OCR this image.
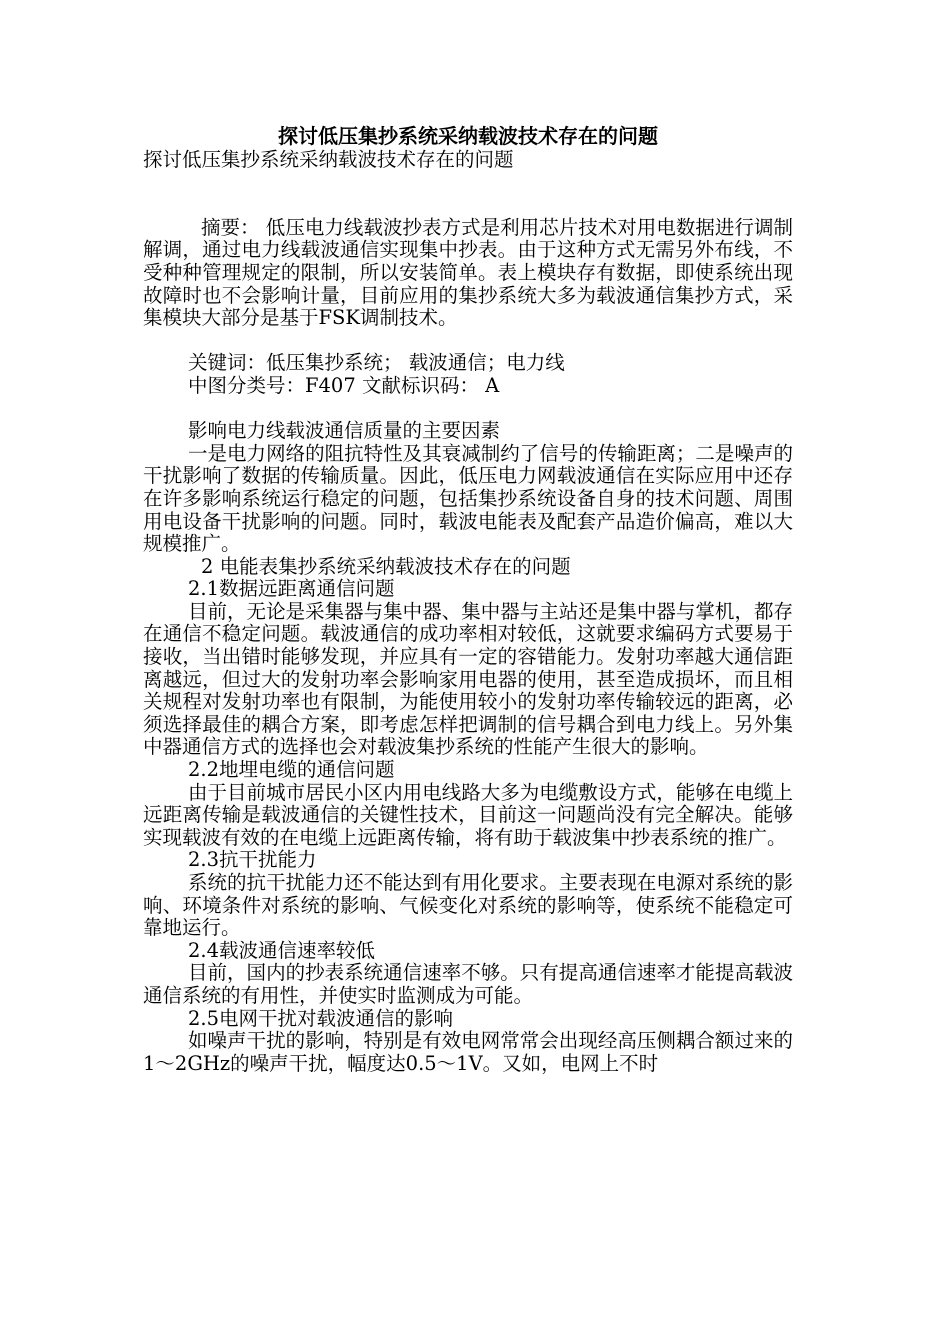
探讨低压集抄系统采纳载波技术存在的问题

探讨低压集抄系统采纳载波技术存在的问题

摘要： 低压电力线载波抄表方式是利用芯片技术对用电数据进行调制解调，通过电力线载波通信实现集中抄表。由于这种方式无需另外布线，不受种种管理规定的限制，所以安装简单。表上模块存有数据，即使系统出现故障时也不会影响计量，目前应用的集抄系统大多为载波通信集抄方式，采集模块大部分是基于FSK调制技术。

关键词：低压集抄系统； 载波通信；电力线

中图分类号：F407 文献标识码： A

影响电力线载波通信质量的主要因素

一是电力网络的阻抗特性及其衰减制约了信号的传输距离；二是噪声的干扰影响了数据的传输质量。因此，低压电力网载波通信在实际应用中还存在许多影响系统运行稳定的问题，包括集抄系统设备自身的技术问题、周围用电设备干扰影响的问题。同时，载波电能表及配套产品造价偏高，难以大规模推广。

2 电能表集抄系统采纳载波技术存在的问题

2.1数据远距离通信问题

目前，无论是采集器与集中器、集中器与主站还是集中器与掌机，都存在通信不稳定问题。载波通信的成功率相对较低，这就要求编码方式要易于接收，当出错时能够发现，并应具有一定的容错能力。发射功率越大通信距离越远，但过大的发射功率会影响家用电器的使用，甚至造成损坏，而且相关规程对发射功率也有限制，为能使用较小的发射功率传输较远的距离，必须选择最佳的耦合方案，即考虑怎样把调制的信号耦合到电力线上。另外集中器通信方式的选择也会对载波集抄系统的性能产生很大的影响。

2.2地埋电缆的通信问题

由于目前城市居民小区内用电线路大多为电缆敷设方式，能够在电缆上远距离传输是载波通信的关键性技术，目前这一问题尚没有完全解决。能够实现载波有效的在电缆上远距离传输，将有助于载波集中抄表系统的推广。

2.3抗干扰能力

系统的抗干扰能力还不能达到有用化要求。主要表现在电源对系统的影响、环境条件对系统的影响、气候变化对系统的影响等，使系统不能稳定可靠地运行。

2.4载波通信速率较低

目前，国内的抄表系统通信速率不够。只有提高通信速率才能提高载波通信系统的有用性，并使实时监测成为可能。

2.5电网干扰对载波通信的影响

如噪声干扰的影响，特别是有效电网常常会出现经高压侧耦合额过来的1～2GHz的噪声干扰，幅度达0.5～1V。又如，电网上不时
